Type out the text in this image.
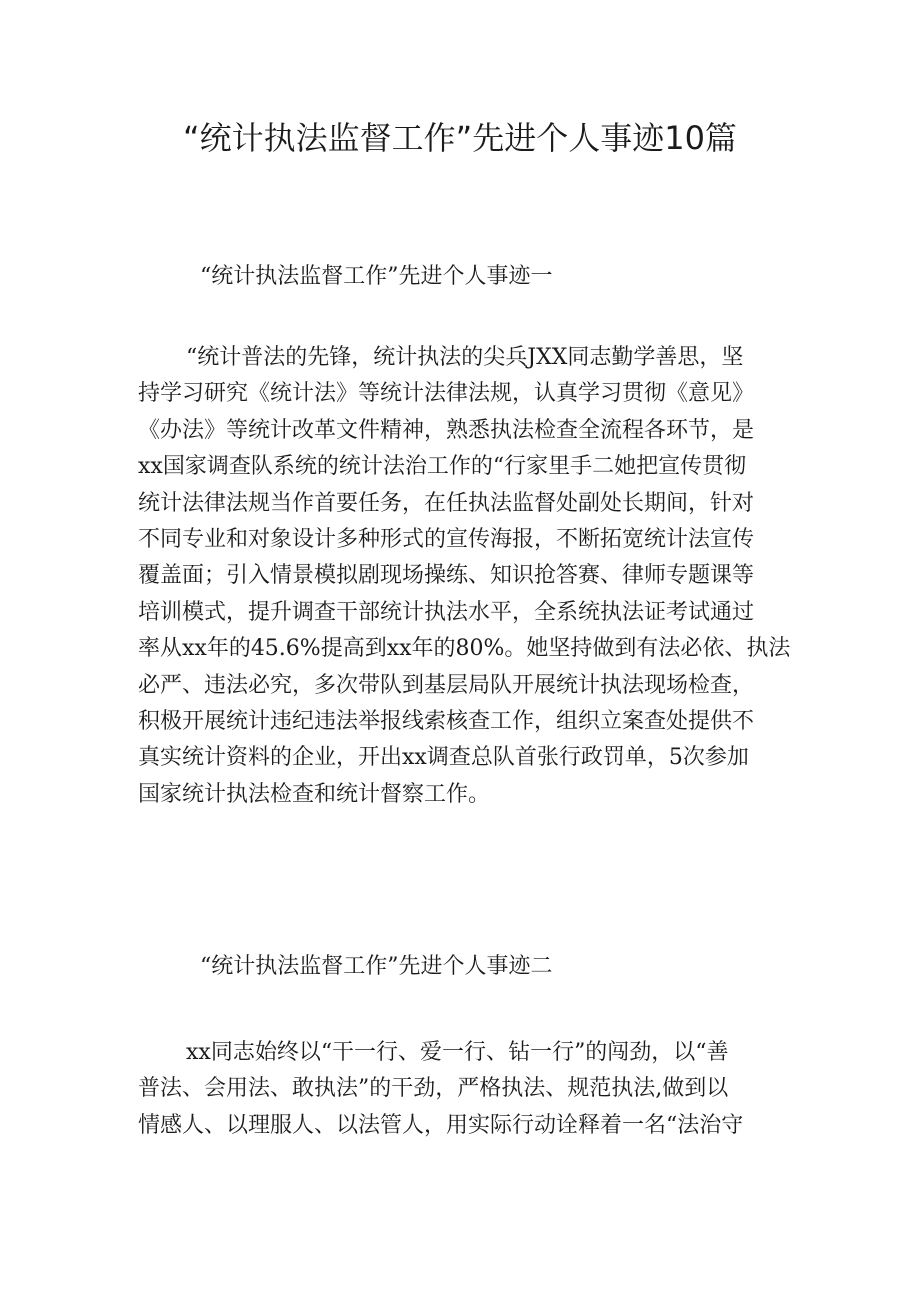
“统计执法监督工作”先进个人事迹10篇
“统计执法监督工作”先进个人事迹一
“统计普法的先锋，统计执法的尖兵JXX同志勤学善思，坚
持学习研究《统计法》等统计法律法规，认真学习贯彻《意见》
《办法》等统计改革文件精神，熟悉执法检查全流程各环节，是
xx国家调查队系统的统计法治工作的“行家里手二她把宣传贯彻
统计法律法规当作首要任务，在任执法监督处副处长期间，针对
不同专业和对象设计多种形式的宣传海报，不断拓宽统计法宣传
覆盖面；引入情景模拟剧现场操练、知识抢答赛、律师专题课等
培训模式，提升调查干部统计执法水平，全系统执法证考试通过
率从xx年的45.6%提高到xx年的80%。她坚持做到有法必依、执法
必严、违法必究，多次带队到基层局队开展统计执法现场检查，
积极开展统计违纪违法举报线索核查工作，组织立案查处提供不
真实统计资料的企业，开出xx调查总队首张行政罚单，5次参加
国家统计执法检查和统计督察工作。
“统计执法监督工作”先进个人事迹二
xx同志始终以“干一行、爱一行、钻一行”的闯劲，以“善
普法、会用法、敢执法”的干劲，严格执法、规范执法,做到以
情感人、以理服人、以法管人，用实际行动诠释着一名“法治守
